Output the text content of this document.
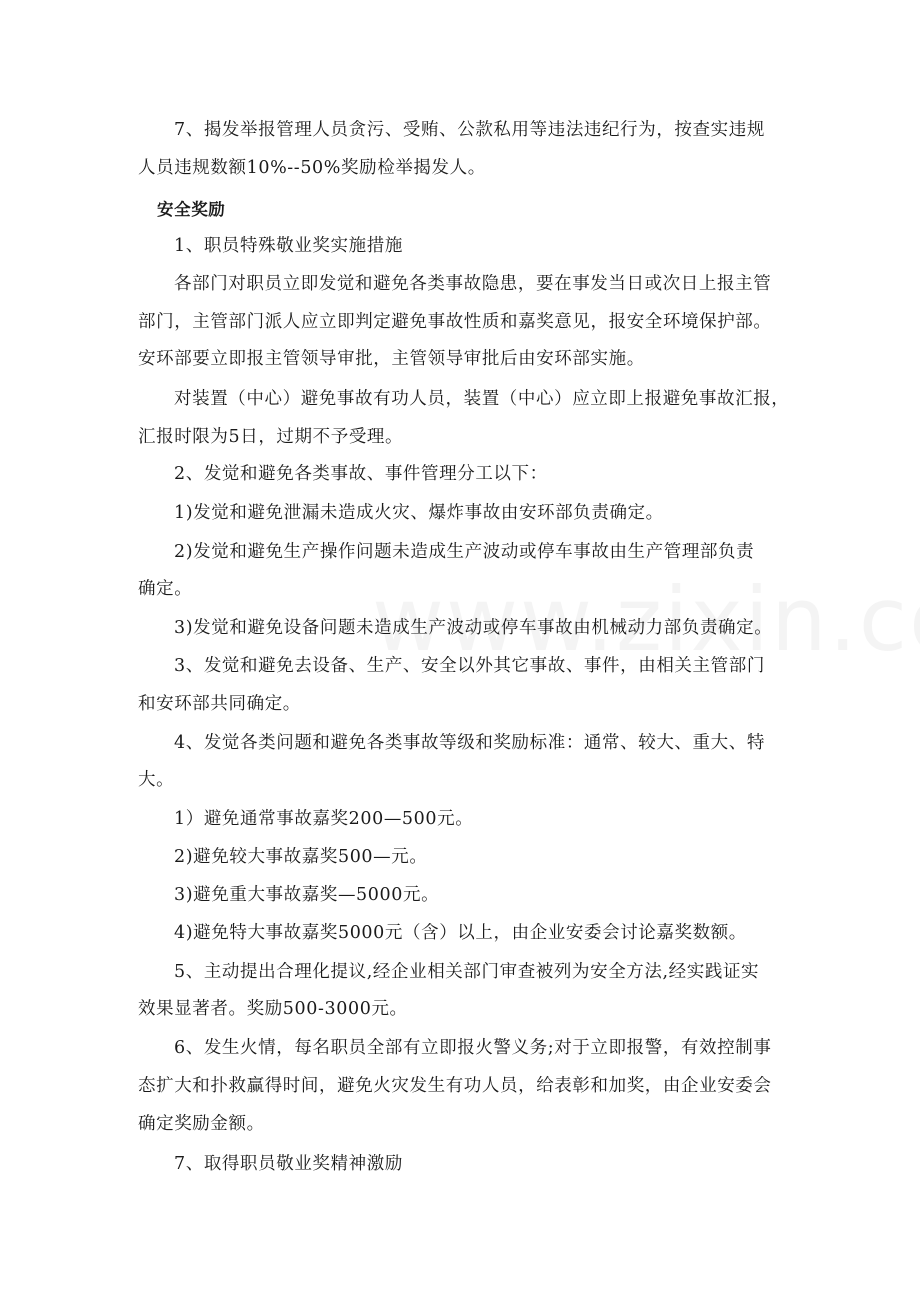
7、揭发举报管理人员贪污、受贿、公款私用等违法违纪行为，按查实违规
人员违规数额10%--50%奖励检举揭发人。
安全奖励
1、职员特殊敬业奖实施措施
各部门对职员立即发觉和避免各类事故隐患，要在事发当日或次日上报主管
部门，主管部门派人应立即判定避免事故性质和嘉奖意见，报安全环境保护部。
安环部要立即报主管领导审批，主管领导审批后由安环部实施。
对装置（中心）避免事故有功人员，装置（中心）应立即上报避免事故汇报，
汇报时限为5日，过期不予受理。
2、发觉和避免各类事故、事件管理分工以下：
1)发觉和避免泄漏未造成火灾、爆炸事故由安环部负责确定。
2)发觉和避免生产操作问题未造成生产波动或停车事故由生产管理部负责
确定。
3)发觉和避免设备问题未造成生产波动或停车事故由机械动力部负责确定。
3、发觉和避免去设备、生产、安全以外其它事故、事件，由相关主管部门
和安环部共同确定。
4、发觉各类问题和避免各类事故等级和奖励标准：通常、较大、重大、特
大。
1）避免通常事故嘉奖200—500元。
2)避免较大事故嘉奖500—元。
3)避免重大事故嘉奖—5000元。
4)避免特大事故嘉奖5000元（含）以上，由企业安委会讨论嘉奖数额。
5、主动提出合理化提议,经企业相关部门审查被列为安全方法,经实践证实
效果显著者。奖励500-3000元。
6、发生火情，每名职员全部有立即报火警义务;对于立即报警，有效控制事
态扩大和扑救赢得时间，避免火灾发生有功人员，给表彰和加奖，由企业安委会
确定奖励金额。
7、取得职员敬业奖精神激励
